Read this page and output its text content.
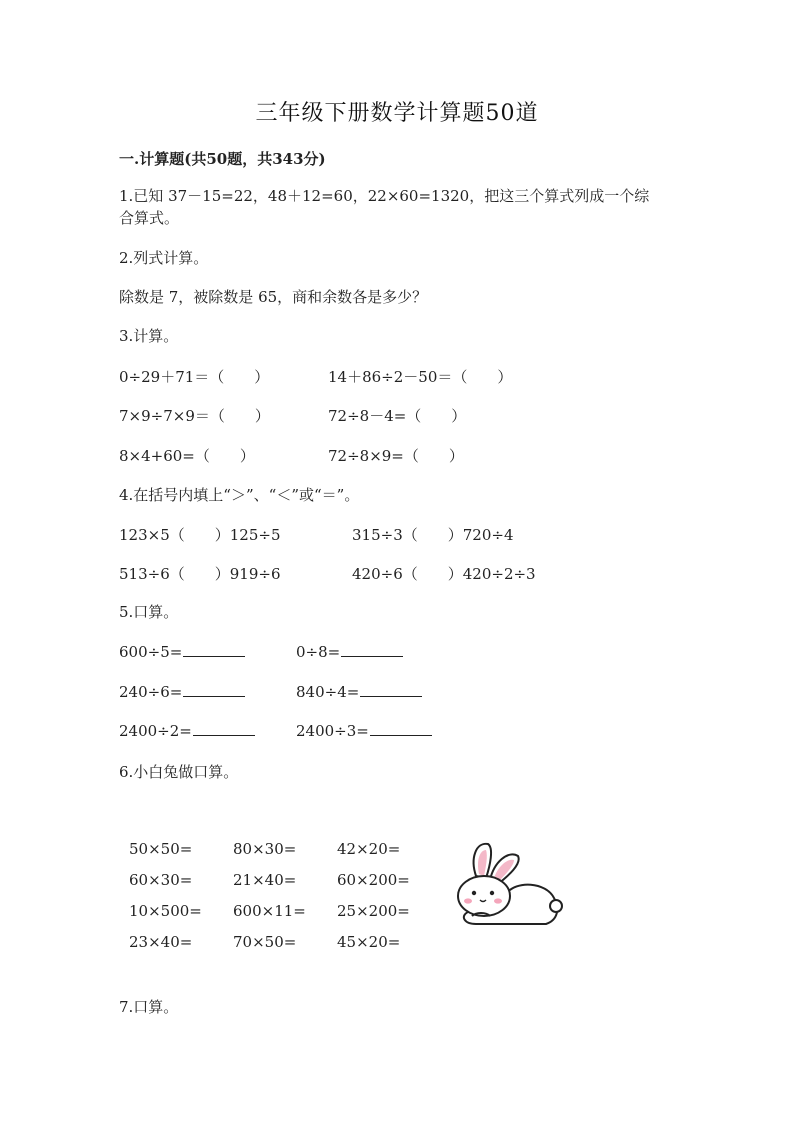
三年级下册数学计算题50道
一.计算题(共50题，共343分)
1.已知 37－15=22，48＋12=60，22×60=1320，把这三个算式列成一个综合算式。
2.列式计算。
除数是 7，被除数是 65，商和余数各是多少？
3.计算。
0÷29＋71＝（　　）	14＋86÷2－50＝（　　）
7×9÷7×9＝（　　）	72÷8－4=（　　）
8×4+60=（　　）	72÷8×9=（　　）
4.在括号内填上“＞”、“＜”或“＝”。
123×5（　　）125÷5	315÷3（　　）720÷4
513÷6（　　）919÷6	420÷6（　　）420÷2÷3
5.口算。
600÷5=	0÷8=
240÷6=	840÷4=
2400÷2=	2400÷3=
6.小白兔做口算。
50×50=	80×30=	42×20=
60×30=	21×40=	60×200=
10×500= 600×11= 25×200=
23×40=	70×50=	45×20=
7.口算。
